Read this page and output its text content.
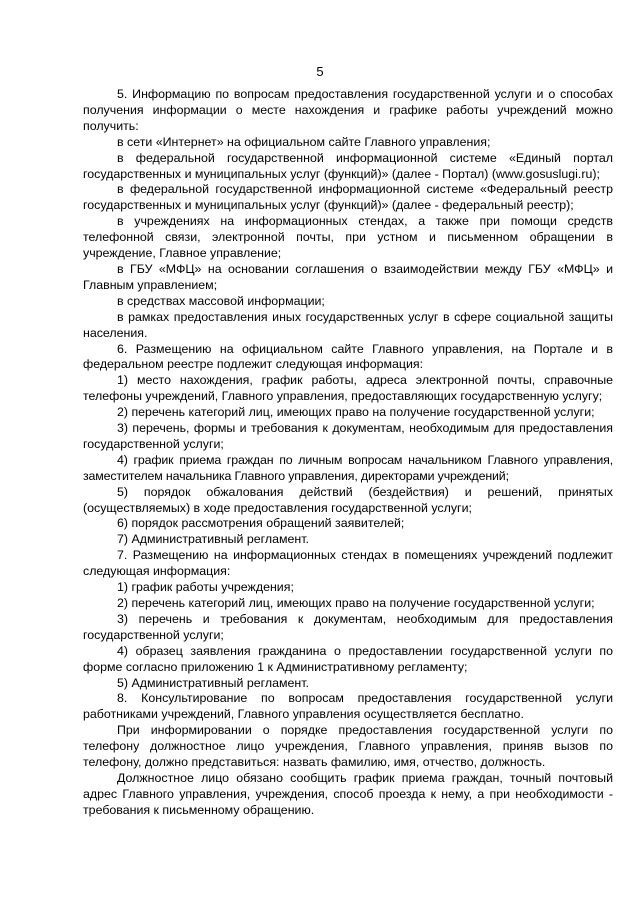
5

5. Информацию по вопросам предоставления государственной услуги и о способах получения информации о месте нахождения и графике работы учреждений можно получить:

в сети «Интернет» на официальном сайте Главного управления;

в федеральной государственной информационной системе «Единый портал государственных и муниципальных услуг (функций)» (далее - Портал) (www.gosuslugi.ru);

в федеральной государственной информационной системе «Федеральный реестр государственных и муниципальных услуг (функций)» (далее - федеральный реестр);

в учреждениях на информационных стендах, а также при помощи средств телефонной связи, электронной почты, при устном и письменном обращении в учреждение, Главное управление;

в ГБУ «МФЦ» на основании соглашения о взаимодействии между ГБУ «МФЦ» и Главным управлением;

в средствах массовой информации;

в рамках предоставления иных государственных услуг в сфере социальной защиты населения.

6. Размещению на официальном сайте Главного управления, на Портале и в федеральном реестре подлежит следующая информация:

1) место нахождения, график работы, адреса электронной почты, справочные телефоны учреждений, Главного управления, предоставляющих государственную услугу;

2) перечень категорий лиц, имеющих право на получение государственной услуги;

3) перечень, формы и требования к документам, необходимым для предоставления государственной услуги;

4) график приема граждан по личным вопросам начальником Главного управления, заместителем начальника Главного управления, директорами учреждений;

5) порядок обжалования действий (бездействия) и решений, принятых (осуществляемых) в ходе предоставления государственной услуги;

6) порядок рассмотрения обращений заявителей;

7) Административный регламент.

7. Размещению на информационных стендах в помещениях учреждений подлежит следующая информация:

1) график работы учреждения;

2) перечень категорий лиц, имеющих право на получение государственной услуги;

3) перечень и требования к документам, необходимым для предоставления государственной услуги;

4) образец заявления гражданина о предоставлении государственной услуги по форме согласно приложению 1 к Административному регламенту;

5) Административный регламент.

8. Консультирование по вопросам предоставления государственной услуги работниками учреждений, Главного управления осуществляется бесплатно.

При информировании о порядке предоставления государственной услуги по телефону должностное лицо учреждения, Главного управления, приняв вызов по телефону, должно представиться: назвать фамилию, имя, отчество, должность.

Должностное лицо обязано сообщить график приема граждан, точный почтовый адрес Главного управления, учреждения, способ проезда к нему, а при необходимости - требования к письменному обращению.
